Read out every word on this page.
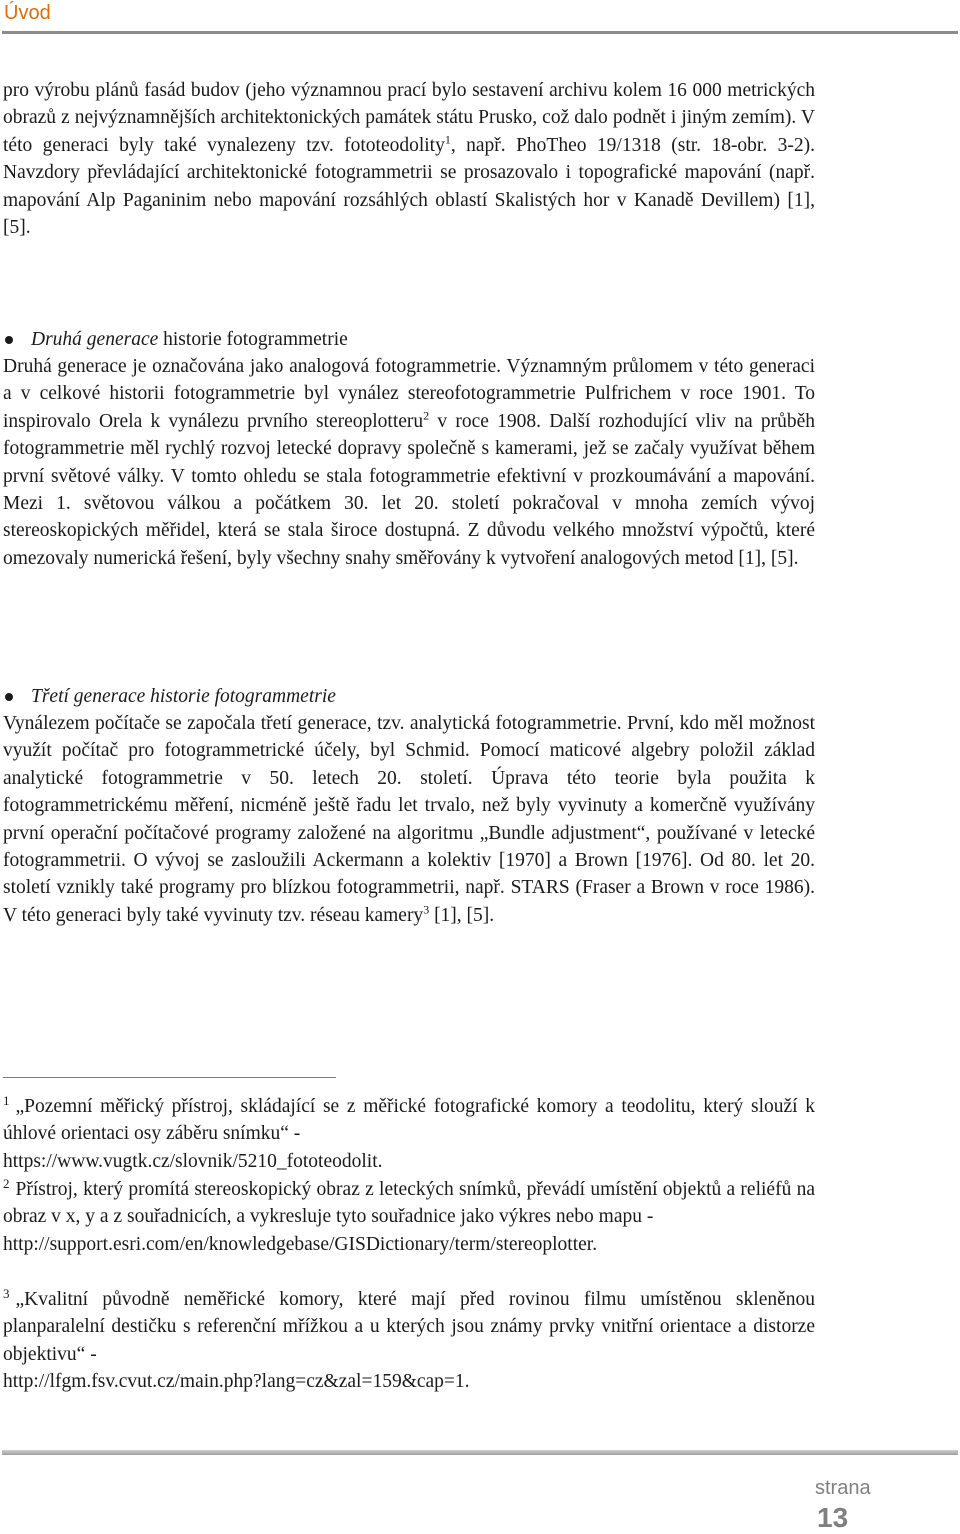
Úvod

pro výrobu plánů fasád budov (jeho významnou prací bylo sestavení archivu kolem 16 000 metrických obrazů z nejvýznamnějších architektonických památek státu Prusko, což dalo podnět i jiným zemím). V této generaci byly také vynalezeny tzv. fototeodolity$^1$, např. PhoTheo 19/1318 (str. 18-obr. 3-2). Navzdory převládající architektonické fotogrammetrii se prosazovalo i topografické mapování (např. mapování Alp Paganinim nebo mapování rozsáhlých oblastí Skalistých hor v Kanadě Devillem) [1], [5].

Druhá generace historie fotogrammetrie

Druhá generace je označována jako analogová fotogrammetrie. Významným průlomem v této generaci a v celkové historii fotogrammetrie byl vynález stereofotogrammetrie Pulfrichem v roce 1901. To inspirovalo Orela k vynálezu prvního stereoplotteru$^2$ v roce 1908. Další rozhodující vliv na průběh fotogrammetrie měl rychlý rozvoj letecké dopravy společně s kamerami, jež se začaly využívat během první světové války. V tomto ohledu se stala fotogrammetrie efektivní v prozkoumávání a mapování. Mezi 1. světovou válkou a počátkem 30. let 20. století pokračoval v mnoha zemích vývoj stereoskopických měřidel, která se stala široce dostupná. Z důvodu velkého množství výpočtů, které omezovaly numerická řešení, byly všechny snahy směřovány k vytvoření analogových metod [1], [5].

Třetí generace historie fotogrammetrie

Vynálezem počítače se započala třetí generace, tzv. analytická fotogrammetrie. První, kdo měl možnost využít počítač pro fotogrammetrické účely, byl Schmid. Pomocí maticové algebry položil základ analytické fotogrammetrie v 50. letech 20. století. Úprava této teorie byla použita k fotogrammetrickému měření, nicméně ještě řadu let trvalo, než byly vyvinuty a komerčně využívány první operační počítačové programy založené na algoritmu „Bundle adjustment“, používané v letecké fotogrammetrii. O vývoj se zasloužili Ackermann a kolektiv [1970] a Brown [1976]. Od 80. let 20. století vznikly také programy pro blízkou fotogrammetrii, např. STARS (Fraser a Brown v roce 1986). V této generaci byly také vyvinuty tzv. réseau kamery$^3$ [1], [5].

$^1$ „Pozemní měřický přístroj, skládající se z měřické fotografické komory a teodolitu, který slouží k úhlové orientaci osy záběru snímku“ -
https://www.vugtk.cz/slovnik/5210_fototeodolit.
$^2$ Přístroj, který promítá stereoskopický obraz z leteckých snímků, převádí umístění objektů a reliéfů na obraz v x, y a z souřadnicích, a vykresluje tyto souřadnice jako výkres nebo mapu -
http://support.esri.com/en/knowledgebase/GISDictionary/term/stereoplotter.
$^3$ „Kvalitní původně neměřické komory, které mají před rovinou filmu umístěnou skleněnou planparalelní destičku s referenční mřížkou a u kterých jsou známy prvky vnitřní orientace a distorze objektivu“ -
http://lfgm.fsv.cvut.cz/main.php?lang=cz&zal=159&cap=1.
strana
13
